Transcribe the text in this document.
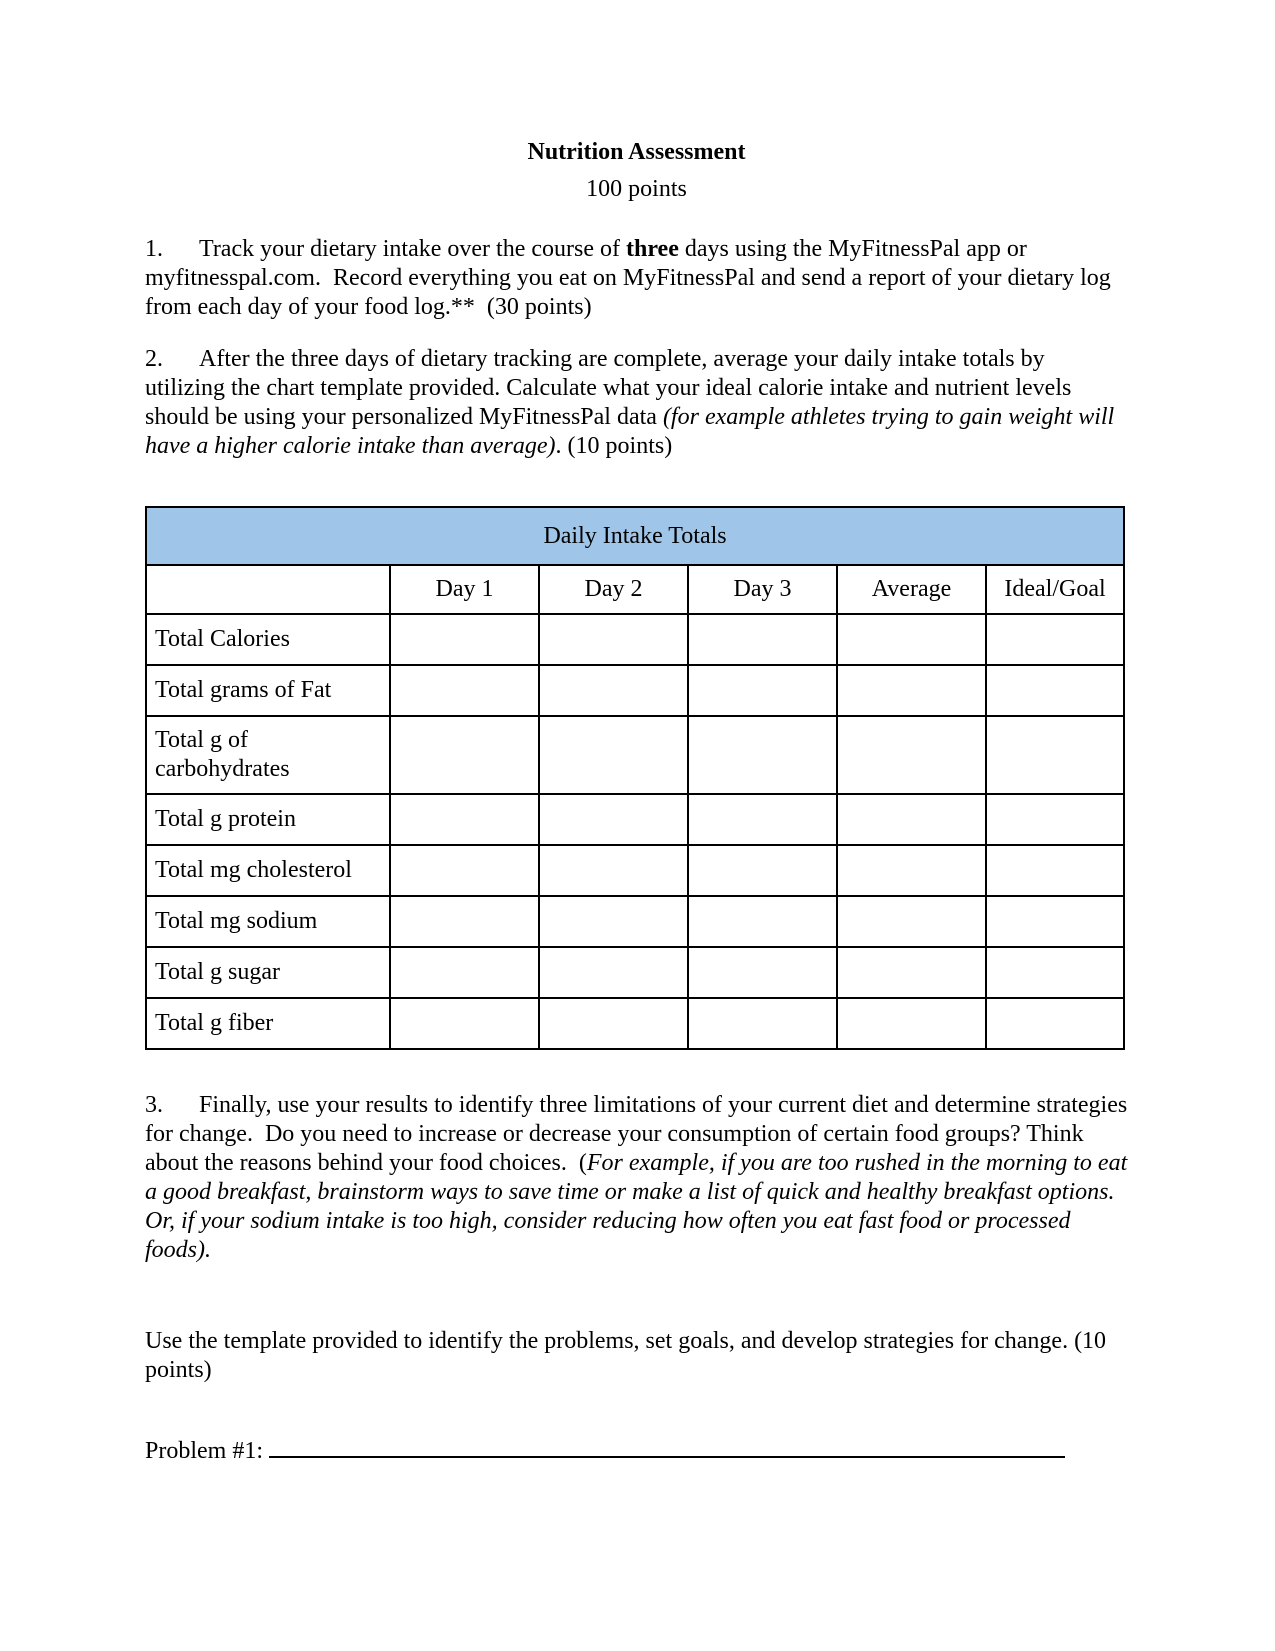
Nutrition Assessment
100 points

1. Track your dietary intake over the course of three days using the MyFitnessPal app or myfitnesspal.com.  Record everything you eat on MyFitnessPal and send a report of your dietary log from each day of your food log.**  (30 points)

2. After the three days of dietary tracking are complete, average your daily intake totals by utilizing the chart template provided. Calculate what your ideal calorie intake and nutrient levels should be using your personalized MyFitnessPal data (for example athletes trying to gain weight will have a higher calorie intake than average). (10 points)

Daily Intake Totals					
	Day 1	Day 2	Day 3	Average	Ideal/Goal
Total Calories					
Total grams of Fat					
Total g of carbohydrates					
Total g protein					
Total mg cholesterol					
Total mg sodium					
Total g sugar					
Total g fiber					

3. Finally, use your results to identify three limitations of your current diet and determine strategies for change.  Do you need to increase or decrease your consumption of certain food groups? Think about the reasons behind your food choices.  (For example, if you are too rushed in the morning to eat a good breakfast, brainstorm ways to save time or make a list of quick and healthy breakfast options. Or, if your sodium intake is too high, consider reducing how often you eat fast food or processed foods).

Use the template provided to identify the problems, set goals, and develop strategies for change. (10 points)

Problem #1:
